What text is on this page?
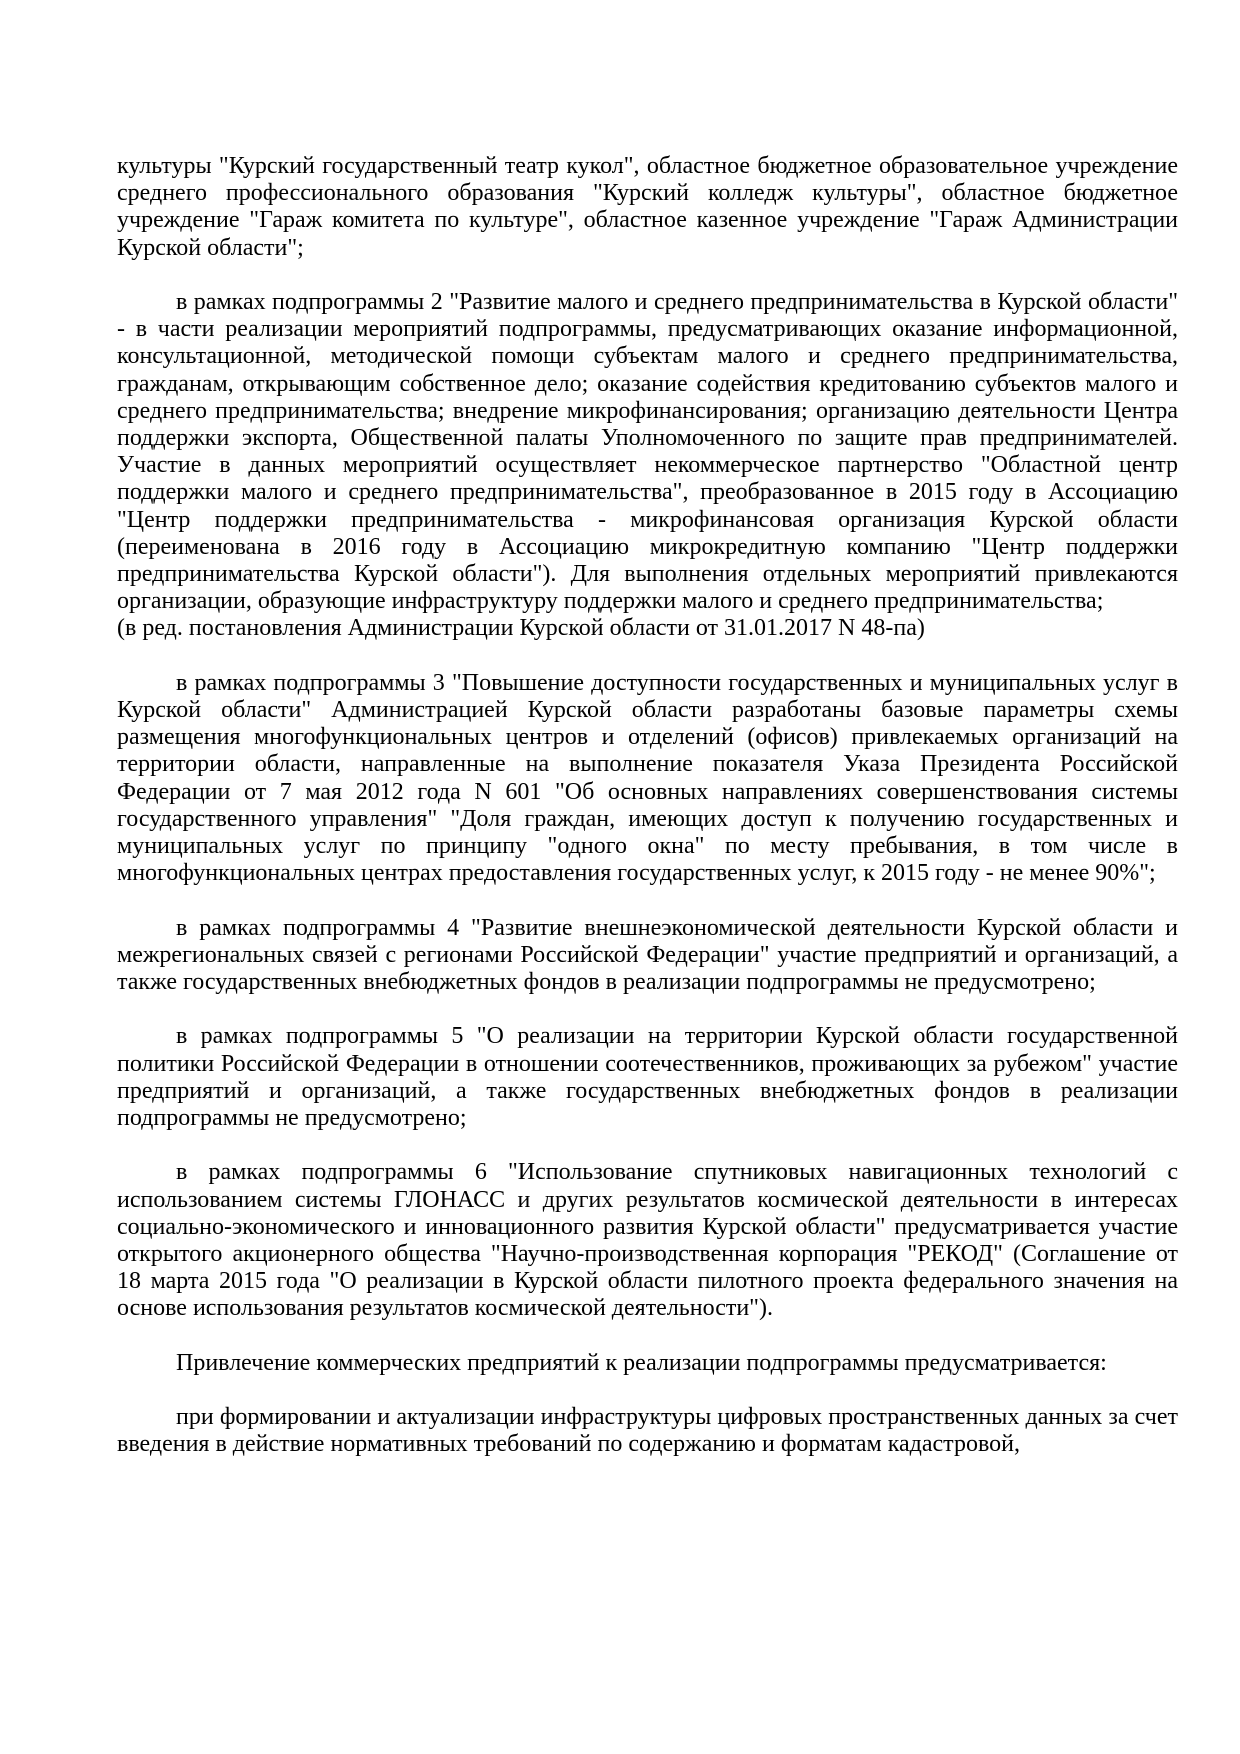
культуры "Курский государственный театр кукол", областное бюджетное образовательное учреждение среднего профессионального образования "Курский колледж культуры", областное бюджетное учреждение "Гараж комитета по культуре", областное казенное учреждение "Гараж Администрации Курской области";

в рамках подпрограммы 2 "Развитие малого и среднего предпринимательства в Курской области" - в части реализации мероприятий подпрограммы, предусматривающих оказание информационной, консультационной, методической помощи субъектам малого и среднего предпринимательства, гражданам, открывающим собственное дело; оказание содействия кредитованию субъектов малого и среднего предпринимательства; внедрение микрофинансирования; организацию деятельности Центра поддержки экспорта, Общественной палаты Уполномоченного по защите прав предпринимателей. Участие в данных мероприятий осуществляет некоммерческое партнерство "Областной центр поддержки малого и среднего предпринимательства", преобразованное в 2015 году в Ассоциацию "Центр поддержки предпринимательства - микрофинансовая организация Курской области (переименована в 2016 году в Ассоциацию микрокредитную компанию "Центр поддержки предпринимательства Курской области"). Для выполнения отдельных мероприятий привлекаются организации, образующие инфраструктуру поддержки малого и среднего предпринимательства;

(в ред. постановления Администрации Курской области от 31.01.2017 N 48-па)

в рамках подпрограммы 3 "Повышение доступности государственных и муниципальных услуг в Курской области" Администрацией Курской области разработаны базовые параметры схемы размещения многофункциональных центров и отделений (офисов) привлекаемых организаций на территории области, направленные на выполнение показателя Указа Президента Российской Федерации от 7 мая 2012 года N 601 "Об основных направлениях совершенствования системы государственного управления" "Доля граждан, имеющих доступ к получению государственных и муниципальных услуг по принципу "одного окна" по месту пребывания, в том числе в многофункциональных центрах предоставления государственных услуг, к 2015 году - не менее 90%";

в рамках подпрограммы 4 "Развитие внешнеэкономической деятельности Курской области и межрегиональных связей с регионами Российской Федерации" участие предприятий и организаций, а также государственных внебюджетных фондов в реализации подпрограммы не предусмотрено;

в рамках подпрограммы 5 "О реализации на территории Курской области государственной политики Российской Федерации в отношении соотечественников, проживающих за рубежом" участие предприятий и организаций, а также государственных внебюджетных фондов в реализации подпрограммы не предусмотрено;

в рамках подпрограммы 6 "Использование спутниковых навигационных технологий с использованием системы ГЛОНАСС и других результатов космической деятельности в интересах социально-экономического и инновационного развития Курской области" предусматривается участие открытого акционерного общества "Научно-производственная корпорация "РЕКОД" (Соглашение от 18 марта 2015 года "О реализации в Курской области пилотного проекта федерального значения на основе использования результатов космической деятельности").

Привлечение коммерческих предприятий к реализации подпрограммы предусматривается:

при формировании и актуализации инфраструктуры цифровых пространственных данных за счет введения в действие нормативных требований по содержанию и форматам кадастровой,
